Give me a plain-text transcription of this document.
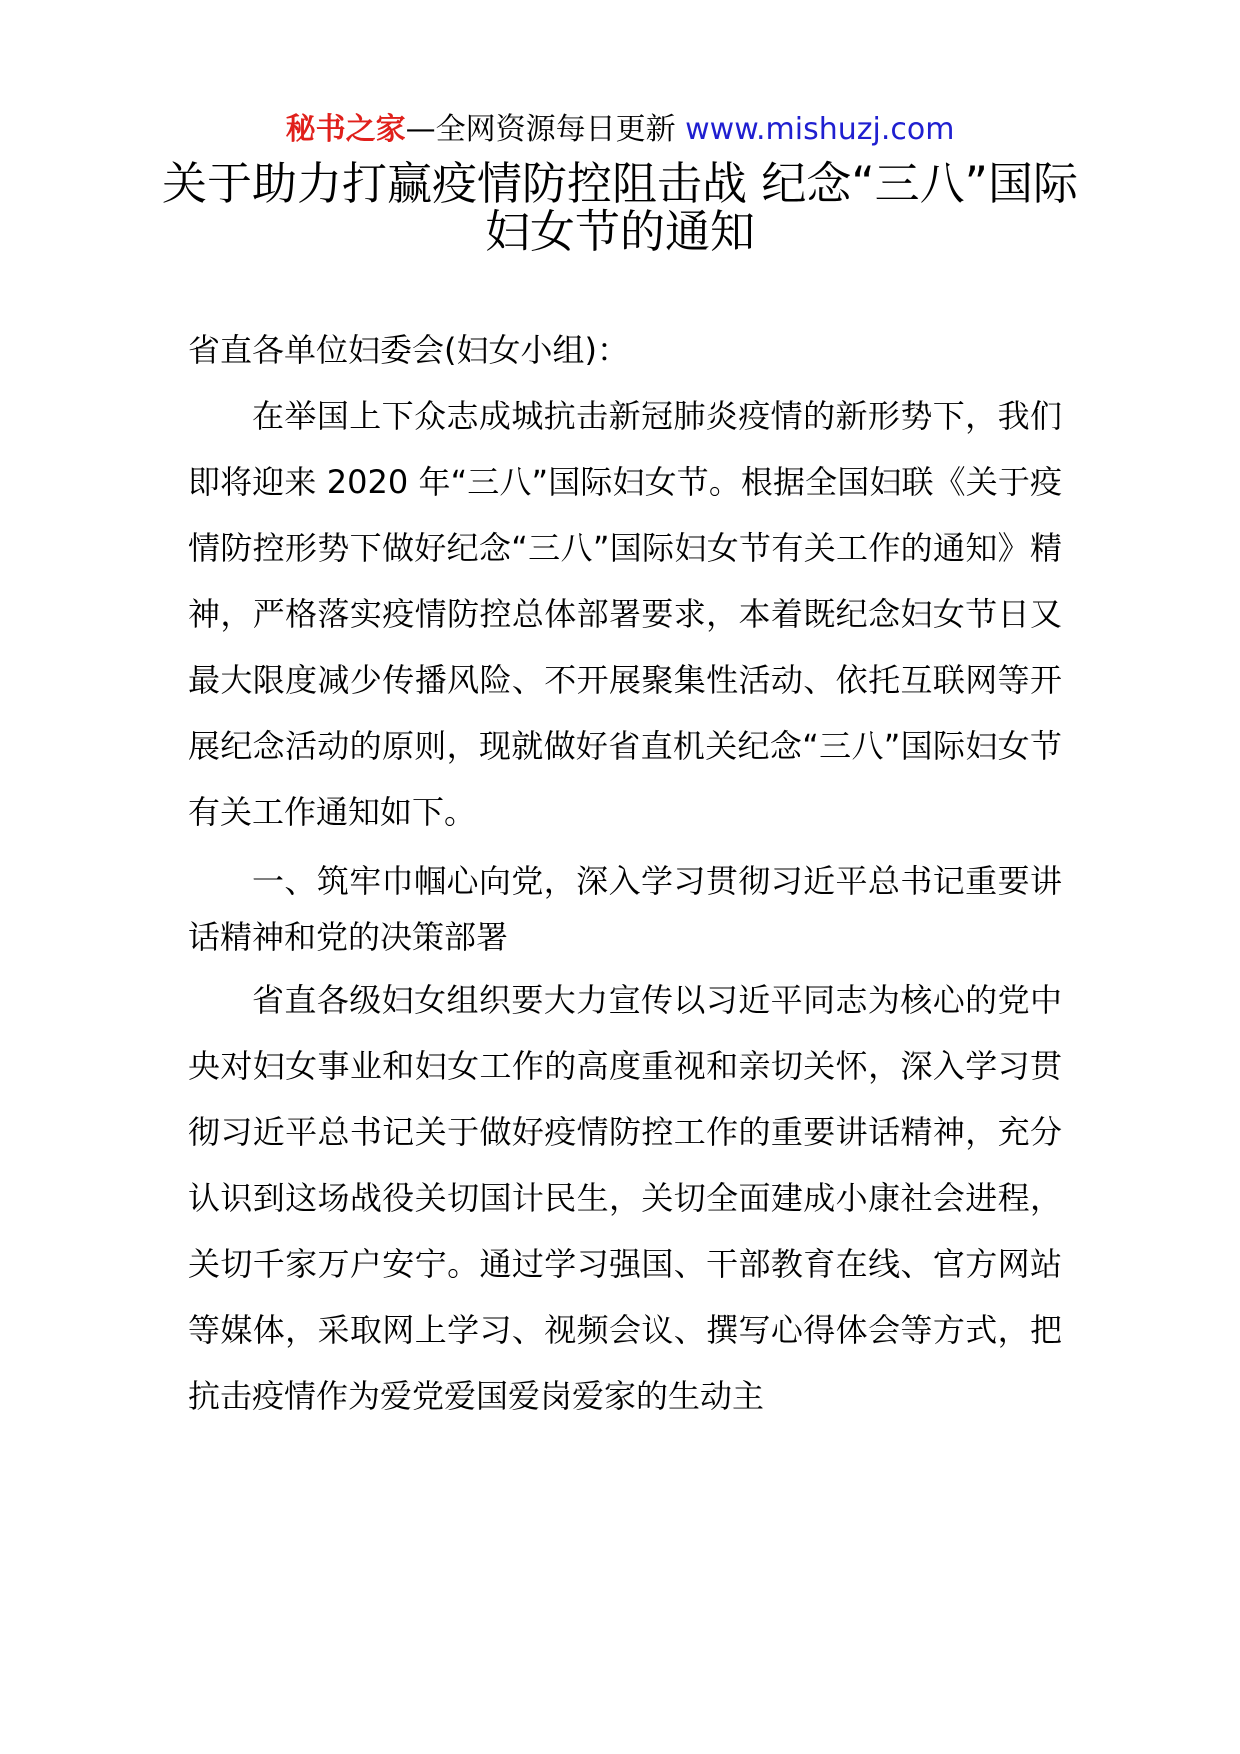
秘书之家—全网资源每日更新 www.mishuzj.com
关于助力打赢疫情防控阻击战 纪念“三八”国际妇女节的通知

省直各单位妇委会(妇女小组)：

在举国上下众志成城抗击新冠肺炎疫情的新形势下，我们即将迎来 2020 年“三八”国际妇女节。根据全国妇联《关于疫情防控形势下做好纪念“三八”国际妇女节有关工作的通知》精神，严格落实疫情防控总体部署要求，本着既纪念妇女节日又最大限度减少传播风险、不开展聚集性活动、依托互联网等开展纪念活动的原则，现就做好省直机关纪念“三八”国际妇女节有关工作通知如下。

一、筑牢巾帼心向党，深入学习贯彻习近平总书记重要讲话精神和党的决策部署

省直各级妇女组织要大力宣传以习近平同志为核心的党中央对妇女事业和妇女工作的高度重视和亲切关怀，深入学习贯彻习近平总书记关于做好疫情防控工作的重要讲话精神，充分认识到这场战役关切国计民生，关切全面建成小康社会进程，关切千家万户安宁。通过学习强国、干部教育在线、官方网站等媒体，采取网上学习、视频会议、撰写心得体会等方式，把抗击疫情作为爱党爱国爱岗爱家的生动主
